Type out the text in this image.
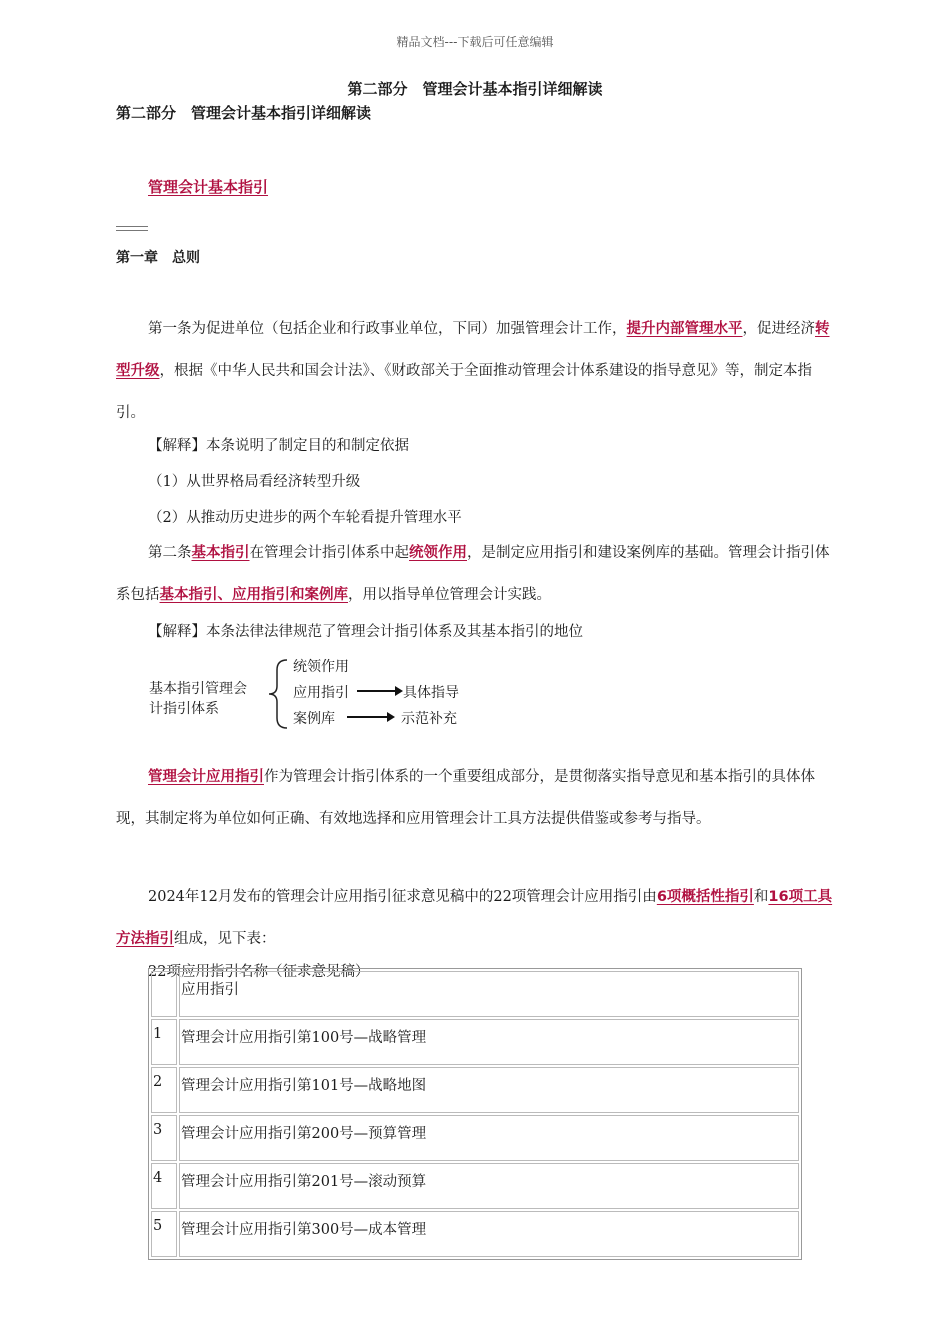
精品文档---下载后可任意编辑
第二部分　管理会计基本指引详细解读
第二部分　管理会计基本指引详细解读
管理会计基本指引
第一章　总则
第一条为促进单位（包括企业和行政事业单位，下同）加强管理会计工作，提升内部管理水平，促进经济转型升级，根据《中华人民共和国会计法》、《财政部关于全面推动管理会计体系建设的指导意见》等，制定本指引。
【解释】本条说明了制定目的和制定依据
（1）从世界格局看经济转型升级
（2）从推动历史进步的两个车轮看提升管理水平
第二条基本指引在管理会计指引体系中起统领作用，是制定应用指引和建设案例库的基础。管理会计指引体系包括基本指引、应用指引和案例库，用以指导单位管理会计实践。
【解释】本条法律法律规范了管理会计指引体系及其基本指引的地位
基本指引管理会
计指引体系
统领作用
应用指引	具体指导
案例库	示范补充
管理会计应用指引作为管理会计指引体系的一个重要组成部分，是贯彻落实指导意见和基本指引的具体体现，其制定将为单位如何正确、有效地选择和应用管理会计工具方法提供借鉴或参考与指导。
2024年12月发布的管理会计应用指引征求意见稿中的22项管理会计应用指引由6项概括性指引和16项工具方法指引组成，见下表：
22项应用指引名称（征求意见稿）
	应用指引
1	管理会计应用指引第100号—战略管理
2	管理会计应用指引第101号—战略地图
3	管理会计应用指引第200号—预算管理
4	管理会计应用指引第201号—滚动预算
5	管理会计应用指引第300号—成本管理
